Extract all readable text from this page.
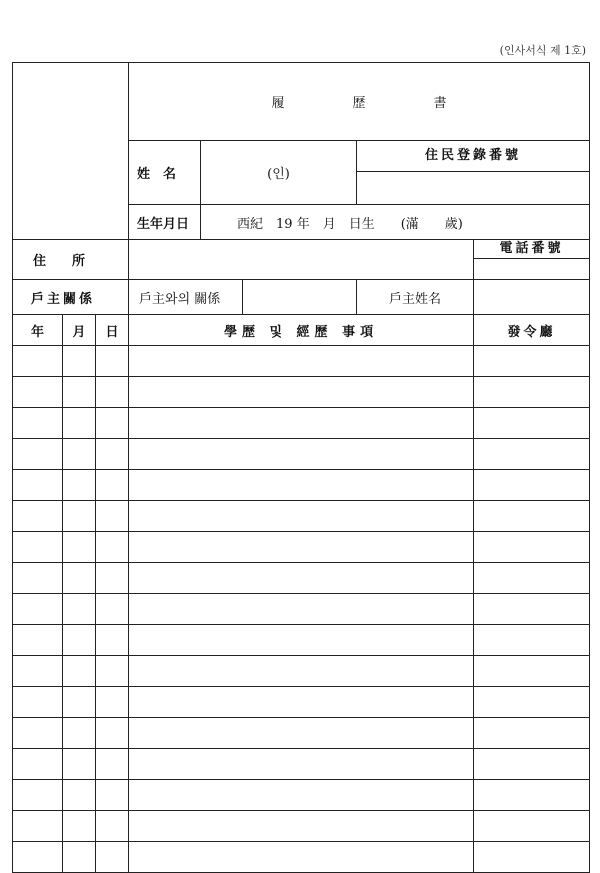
(인사서식 제 1호)
			履 歷 書				
			姓　名	(인)		住民登錄番號	

			生年月日	西紀　19 年　月　日生　　(滿　　歲)			
住　　所							電話番號

戶主關係			戶主와의 關係			戶主姓名	
年	月	日	學歷 및 經歷 事項				發令廳
